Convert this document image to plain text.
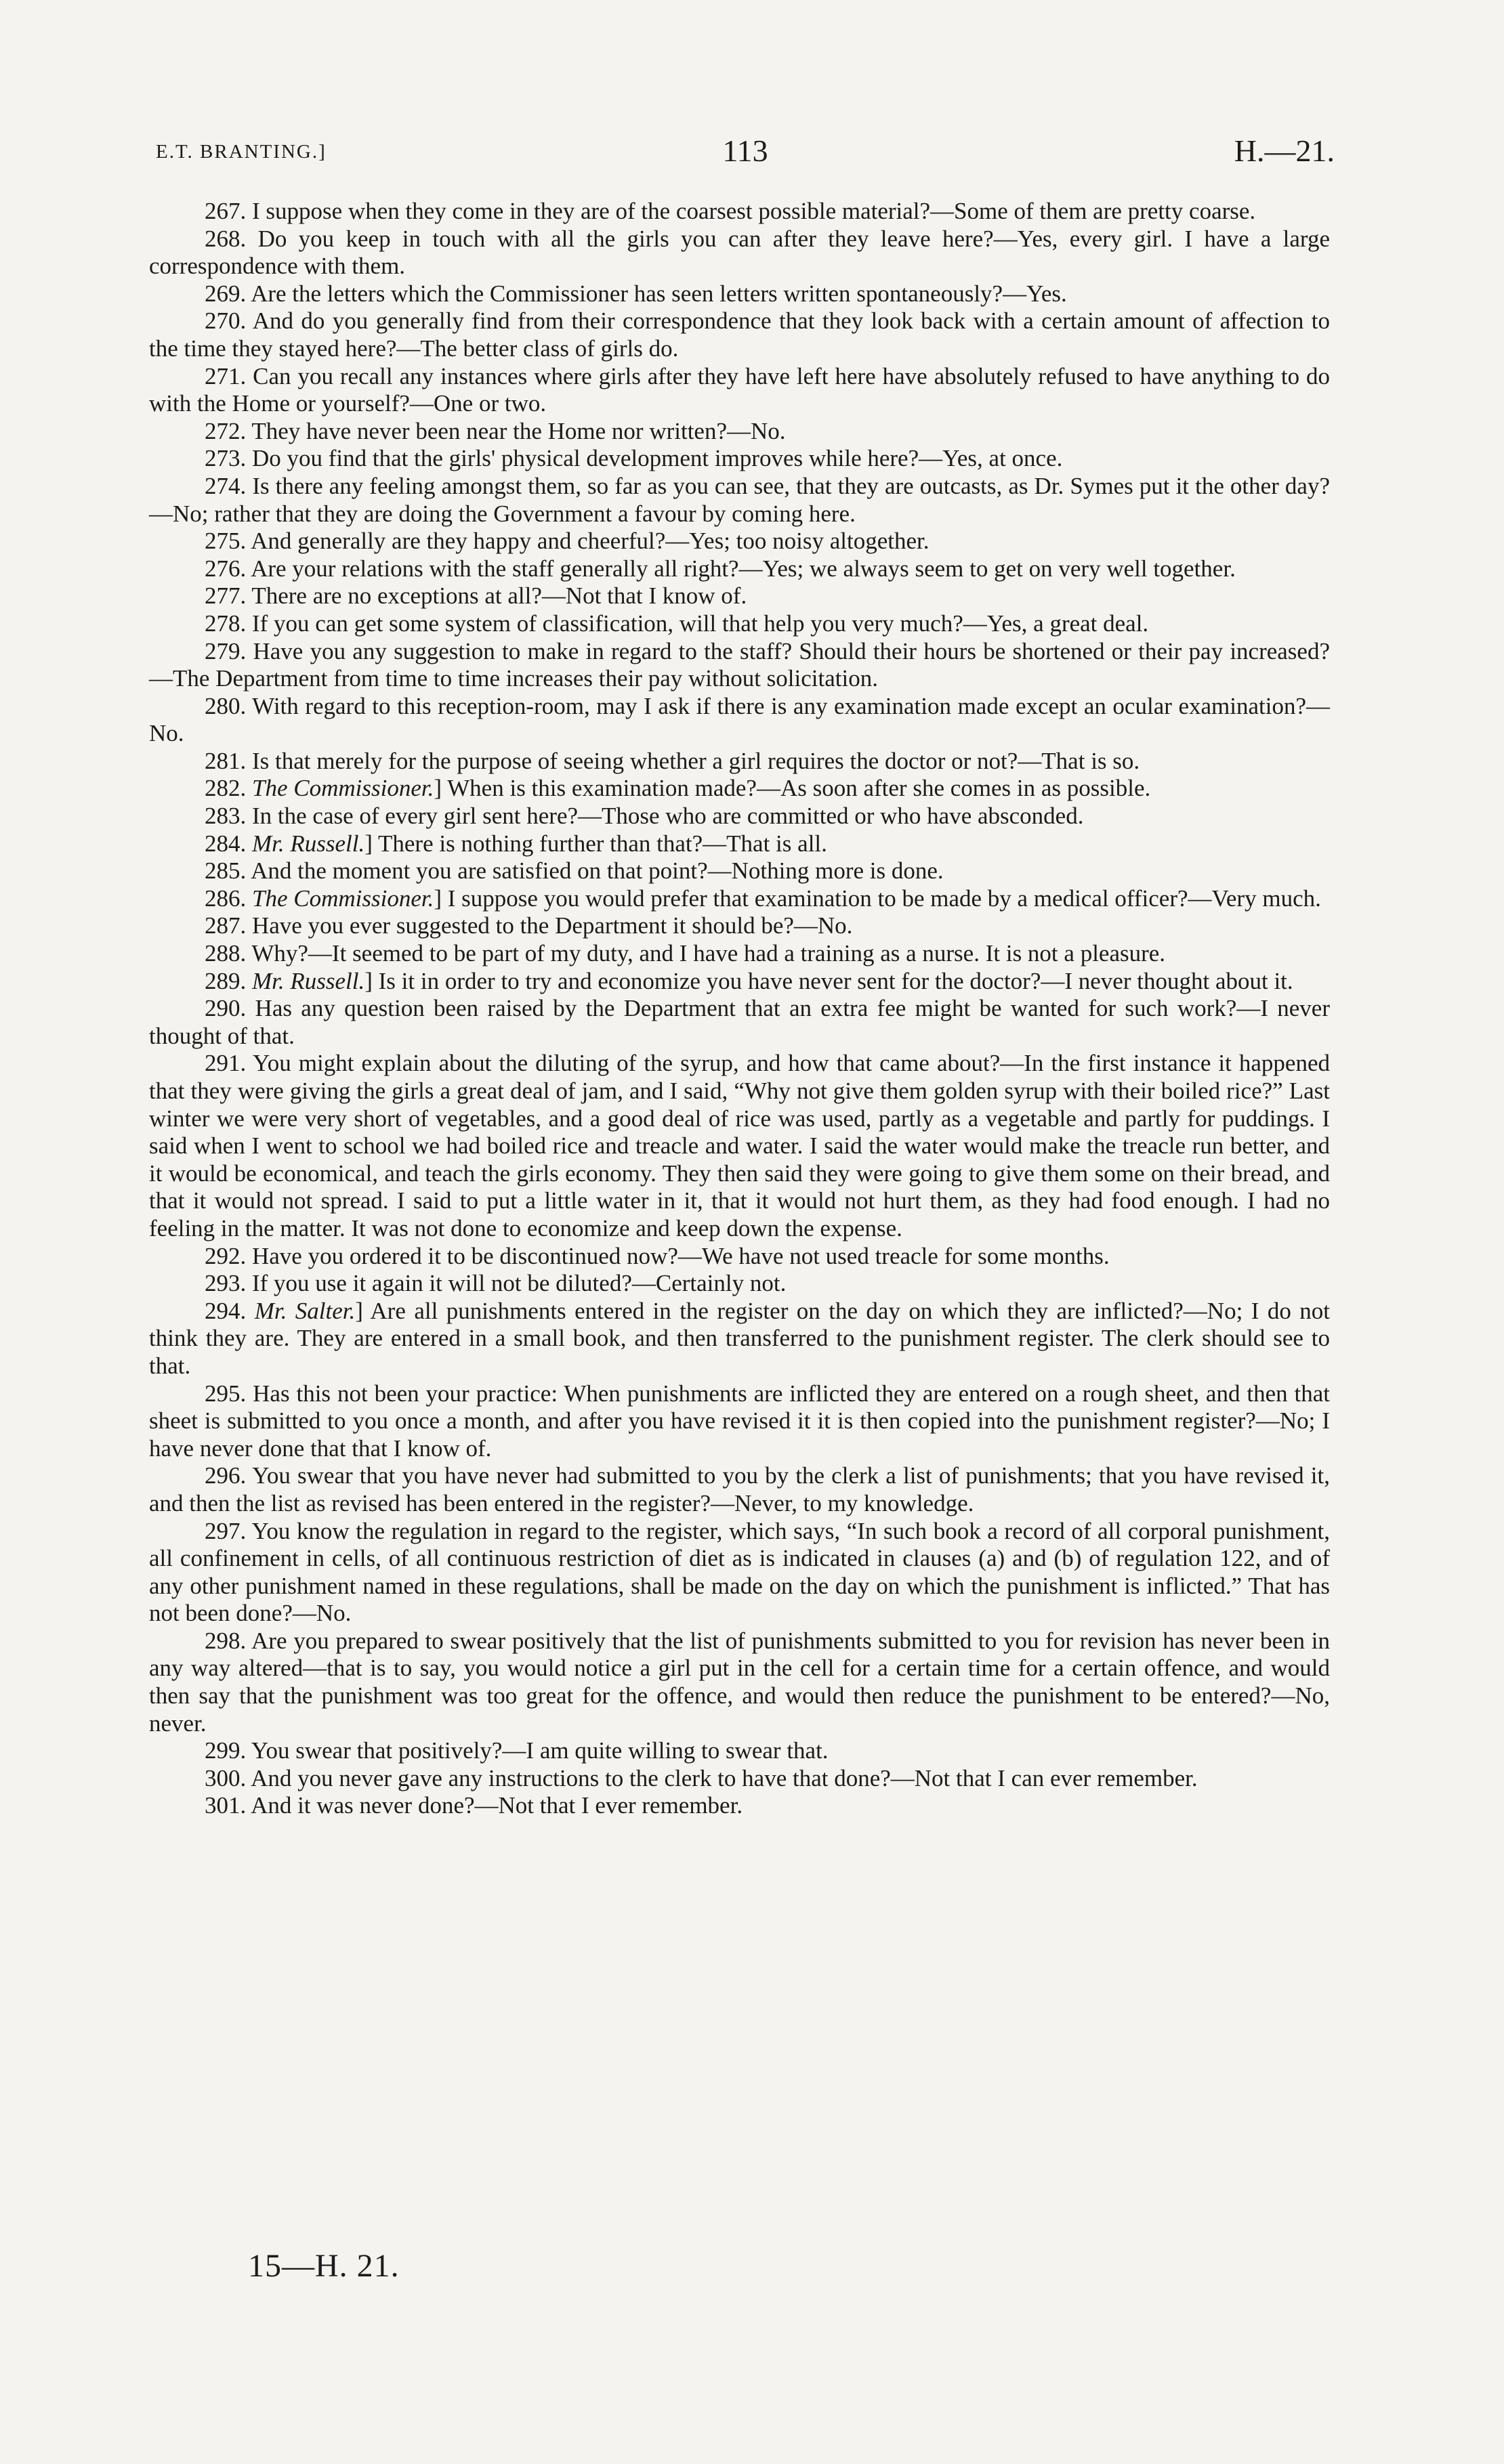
E.T. BRANTING.]	113	H.—21.

267. I suppose when they come in they are of the coarsest possible material?—Some of them are pretty coarse.

268. Do you keep in touch with all the girls you can after they leave here?—Yes, every girl. I have a large correspondence with them.

269. Are the letters which the Commissioner has seen letters written spontaneously?—Yes.

270. And do you generally find from their correspondence that they look back with a certain amount of affection to the time they stayed here?—The better class of girls do.

271. Can you recall any instances where girls after they have left here have absolutely refused to have anything to do with the Home or yourself?—One or two.

272. They have never been near the Home nor written?—No.

273. Do you find that the girls' physical development improves while here?—Yes, at once.

274. Is there any feeling amongst them, so far as you can see, that they are outcasts, as Dr. Symes put it the other day?—No; rather that they are doing the Government a favour by coming here.

275. And generally are they happy and cheerful?—Yes; too noisy altogether.

276. Are your relations with the staff generally all right?—Yes; we always seem to get on very well together.

277. There are no exceptions at all?—Not that I know of.

278. If you can get some system of classification, will that help you very much?—Yes, a great deal.

279. Have you any suggestion to make in regard to the staff? Should their hours be shortened or their pay increased?—The Department from time to time increases their pay without solicitation.

280. With regard to this reception-room, may I ask if there is any examination made except an ocular examination?—No.

281. Is that merely for the purpose of seeing whether a girl requires the doctor or not?—That is so.

282. The Commissioner.] When is this examination made?—As soon after she comes in as possible.

283. In the case of every girl sent here?—Those who are committed or who have absconded.

284. Mr. Russell.] There is nothing further than that?—That is all.

285. And the moment you are satisfied on that point?—Nothing more is done.

286. The Commissioner.] I suppose you would prefer that examination to be made by a medical officer?—Very much.

287. Have you ever suggested to the Department it should be?—No.

288. Why?—It seemed to be part of my duty, and I have had a training as a nurse. It is not a pleasure.

289. Mr. Russell.] Is it in order to try and economize you have never sent for the doctor?—I never thought about it.

290. Has any question been raised by the Department that an extra fee might be wanted for such work?—I never thought of that.

291. You might explain about the diluting of the syrup, and how that came about?—In the first instance it happened that they were giving the girls a great deal of jam, and I said, “Why not give them golden syrup with their boiled rice?” Last winter we were very short of vegetables, and a good deal of rice was used, partly as a vegetable and partly for puddings. I said when I went to school we had boiled rice and treacle and water. I said the water would make the treacle run better, and it would be economical, and teach the girls economy. They then said they were going to give them some on their bread, and that it would not spread. I said to put a little water in it, that it would not hurt them, as they had food enough. I had no feeling in the matter. It was not done to economize and keep down the expense.

292. Have you ordered it to be discontinued now?—We have not used treacle for some months.

293. If you use it again it will not be diluted?—Certainly not.

294. Mr. Salter.] Are all punishments entered in the register on the day on which they are inflicted?—No; I do not think they are. They are entered in a small book, and then transferred to the punishment register. The clerk should see to that.

295. Has this not been your practice: When punishments are inflicted they are entered on a rough sheet, and then that sheet is submitted to you once a month, and after you have revised it it is then copied into the punishment register?—No; I have never done that that I know of.

296. You swear that you have never had submitted to you by the clerk a list of punishments; that you have revised it, and then the list as revised has been entered in the register?—Never, to my knowledge.

297. You know the regulation in regard to the register, which says, “In such book a record of all corporal punishment, all confinement in cells, of all continuous restriction of diet as is indicated in clauses (a) and (b) of regulation 122, and of any other punishment named in these regulations, shall be made on the day on which the punishment is inflicted.” That has not been done?—No.

298. Are you prepared to swear positively that the list of punishments submitted to you for revision has never been in any way altered—that is to say, you would notice a girl put in the cell for a certain time for a certain offence, and would then say that the punishment was too great for the offence, and would then reduce the punishment to be entered?—No, never.

299. You swear that positively?—I am quite willing to swear that.

300. And you never gave any instructions to the clerk to have that done?—Not that I can ever remember.

301. And it was never done?—Not that I ever remember.

15—H. 21.
